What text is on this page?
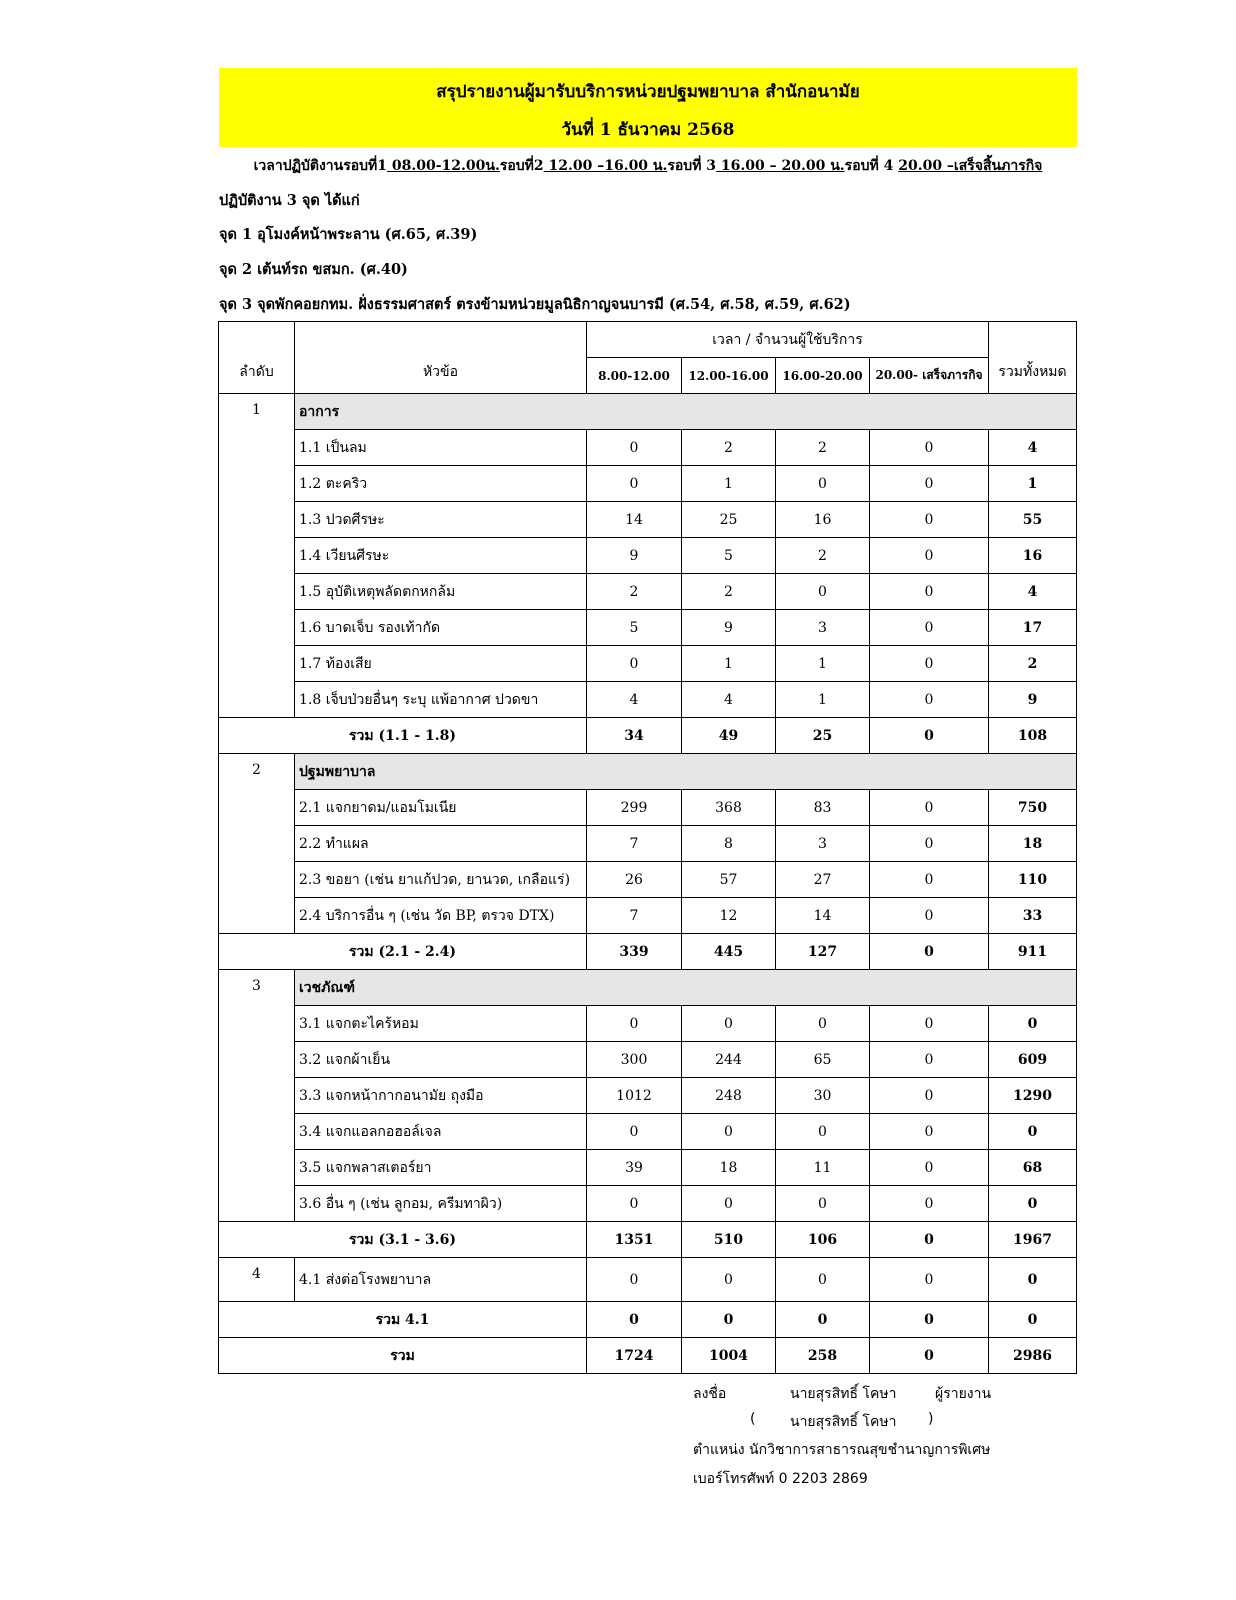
สรุปรายงานผู้มารับบริการหน่วยปฐมพยาบาล สำนักอนามัย
วันที่ 1 ธันวาคม 2568
เวลาปฏิบัติงานรอบที่1 08.00-12.00น.รอบที่2 12.00 –16.00 น.รอบที่ 3 16.00 – 20.00 น.รอบที่ 4 20.00 –เสร็จสิ้นภารกิจ
ปฏิบัติงาน 3 จุด ได้แก่
จุด 1 อุโมงค์หน้าพระลาน (ศ.65, ศ.39)
จุด 2 เต้นท์รถ ขสมก. (ศ.40)
จุด 3 จุดพักคอยกทม. ฝั่งธรรมศาสตร์ ตรงข้ามหน่วยมูลนิธิกาญจนบารมี (ศ.54, ศ.58, ศ.59, ศ.62)
ลำดับ	หัวข้อ	เวลา / จำนวนผู้ใช้บริการ				รวมทั้งหมด
		8.00-12.00	12.00-16.00	16.00-20.00	20.00- เสร็จภารกิจ	
1	อาการ					
	1.1 เป็นลม	0	2	2	0	4
	1.2 ตะคริว	0	1	0	0	1
	1.3 ปวดศีรษะ	14	25	16	0	55
	1.4 เวียนศีรษะ	9	5	2	0	16
	1.5 อุบัติเหตุพลัดตกหกล้ม	2	2	0	0	4
	1.6 บาดเจ็บ รองเท้ากัด	5	9	3	0	17
	1.7 ท้องเสีย	0	1	1	0	2
	1.8 เจ็บป่วยอื่นๆ ระบุ แพ้อากาศ ปวดขา	4	4	1	0	9
รวม (1.1 - 1.8)		34	49	25	0	108
2	ปฐมพยาบาล					
	2.1 แจกยาดม/แอมโมเนีย	299	368	83	0	750
	2.2 ทำแผล	7	8	3	0	18
	2.3 ขอยา (เช่น ยาแก้ปวด, ยานวด, เกลือแร่)	26	57	27	0	110
	2.4 บริการอื่น ๆ (เช่น วัด BP, ตรวจ DTX)	7	12	14	0	33
รวม (2.1 - 2.4)		339	445	127	0	911
3	เวชภัณฑ์					
	3.1 แจกตะไคร้หอม	0	0	0	0	0
	3.2 แจกผ้าเย็น	300	244	65	0	609
	3.3 แจกหน้ากากอนามัย ถุงมือ	1012	248	30	0	1290
	3.4 แจกแอลกอฮอล์เจล	0	0	0	0	0
	3.5 แจกพลาสเตอร์ยา	39	18	11	0	68
	3.6 อื่น ๆ (เช่น ลูกอม, ครีมทาผิว)	0	0	0	0	0
รวม (3.1 - 3.6)		1351	510	106	0	1967
4	4.1 ส่งต่อโรงพยาบาล	0	0	0	0	0
รวม 4.1		0	0	0	0	0
รวม		1724	1004	258	0	2986
ลงชื่อ	นายสุรสิทธิ์ โคษา	ผู้รายงาน
( นายสุรสิทธิ์ โคษา )
ตำแหน่ง นักวิชาการสาธารณสุขชำนาญการพิเศษ
เบอร์โทรศัพท์ 0 2203 2869
